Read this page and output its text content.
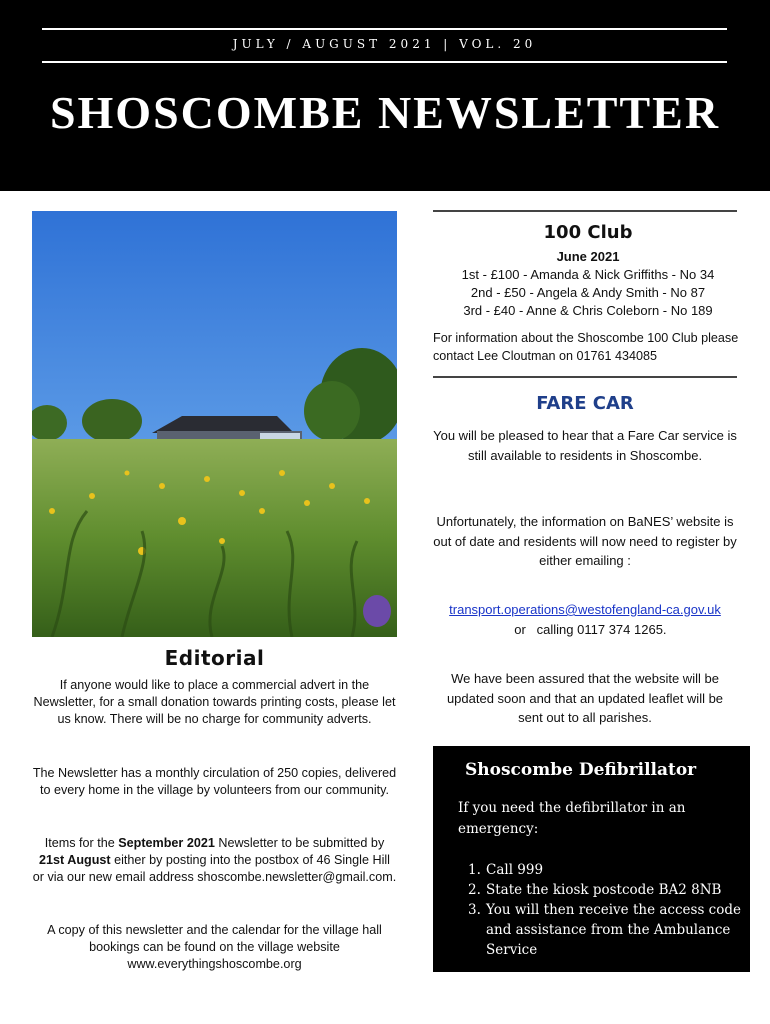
JULY / AUGUST 2021 | VOL. 20
SHOSCOMBE NEWSLETTER
Editorial

If anyone would like to place a commercial advert in the Newsletter, for a small donation towards printing costs, please let us know. There will be no charge for community adverts.

The Newsletter has a monthly circulation of 250 copies, delivered to every home in the village by volunteers from our community.

Items for the September 2021 Newsletter to be submitted by 21st August either by posting into the postbox of 46 Single Hill or via our new email address shoscombe.newsletter@gmail.com.

A copy of this newsletter and the calendar for the village hall bookings can be found on the village website www.everythingshoscombe.org

100 Club
June 2021
1st - £100 - Amanda & Nick Griffiths - No 34
2nd - £50 - Angela & Andy Smith - No 87
3rd - £40 - Anne & Chris Coleborn - No 189

For information about the Shoscombe 100 Club please contact Lee Cloutman on 01761 434085

FARE CAR

You will be pleased to hear that a Fare Car service is still available to residents in Shoscombe.

Unfortunately, the information on BaNES’ website is out of date and residents will now need to register by either emailing :

transport.operations@westofengland-ca.gov.uk   or   calling 0117 374 1265.

We have been assured that the website will be updated soon and that an updated leaflet will be sent out to all parishes.

Shoscombe Defibrillator

If you need the defibrillator in an emergency:

1. Call 999
2. State the kiosk postcode BA2 8NB
3. You will then receive the access code and assistance from the Ambulance Service
